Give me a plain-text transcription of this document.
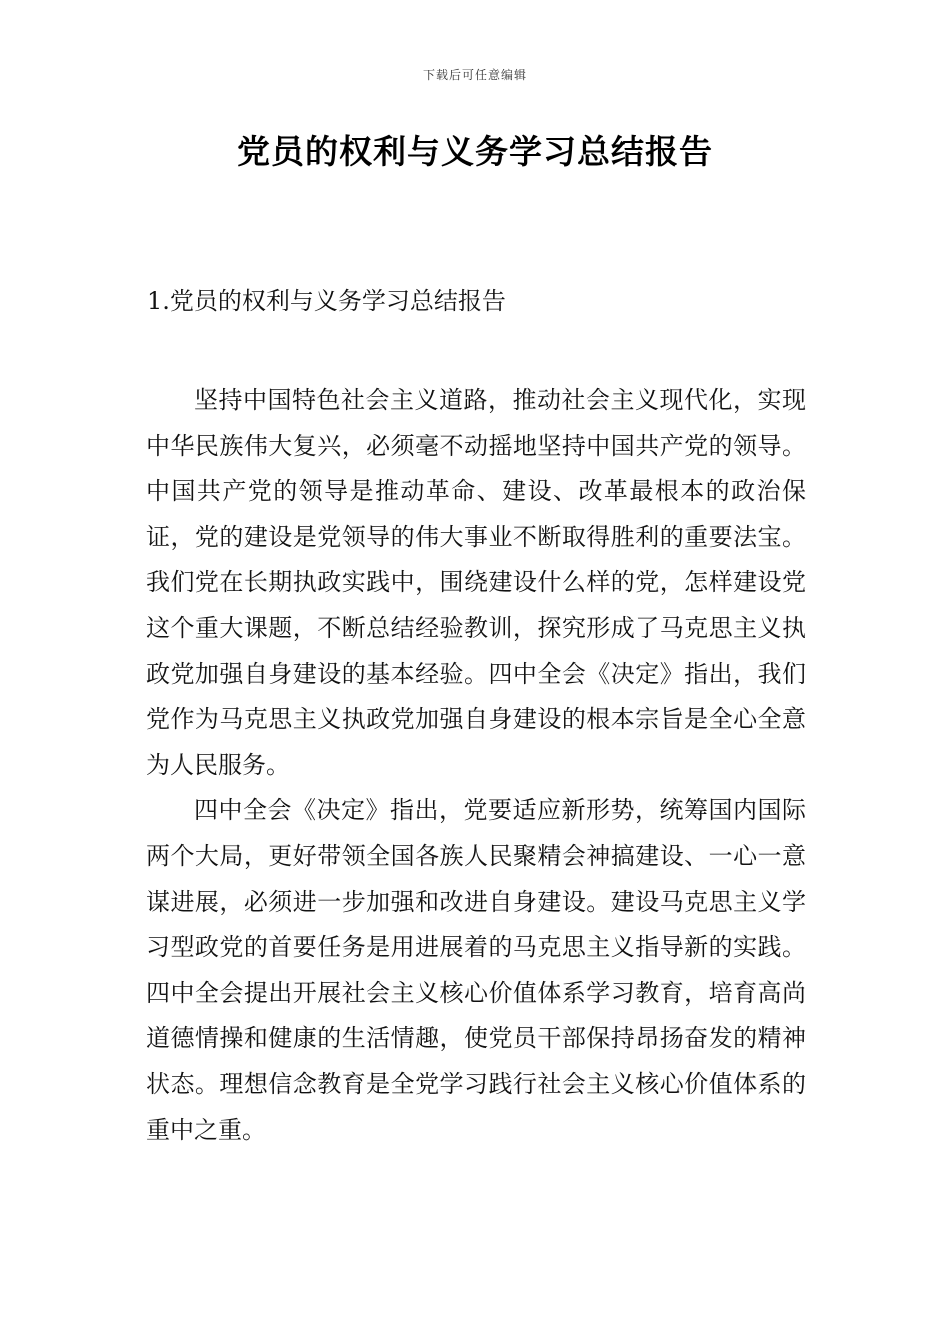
下载后可任意编辑
党员的权利与义务学习总结报告
1.党员的权利与义务学习总结报告

坚持中国特色社会主义道路，推动社会主义现代化，实现中华民族伟大复兴，必须毫不动摇地坚持中国共产党的领导。中国共产党的领导是推动革命、建设、改革最根本的政治保证，党的建设是党领导的伟大事业不断取得胜利的重要法宝。我们党在长期执政实践中，围绕建设什么样的党，怎样建设党这个重大课题，不断总结经验教训，探究形成了马克思主义执政党加强自身建设的基本经验。四中全会《决定》指出，我们党作为马克思主义执政党加强自身建设的根本宗旨是全心全意为人民服务。

四中全会《决定》指出，党要适应新形势，统筹国内国际两个大局，更好带领全国各族人民聚精会神搞建设、一心一意谋进展，必须进一步加强和改进自身建设。建设马克思主义学习型政党的首要任务是用进展着的马克思主义指导新的实践。四中全会提出开展社会主义核心价值体系学习教育，培育高尚道德情操和健康的生活情趣，使党员干部保持昂扬奋发的精神状态。理想信念教育是全党学习践行社会主义核心价值体系的重中之重。
